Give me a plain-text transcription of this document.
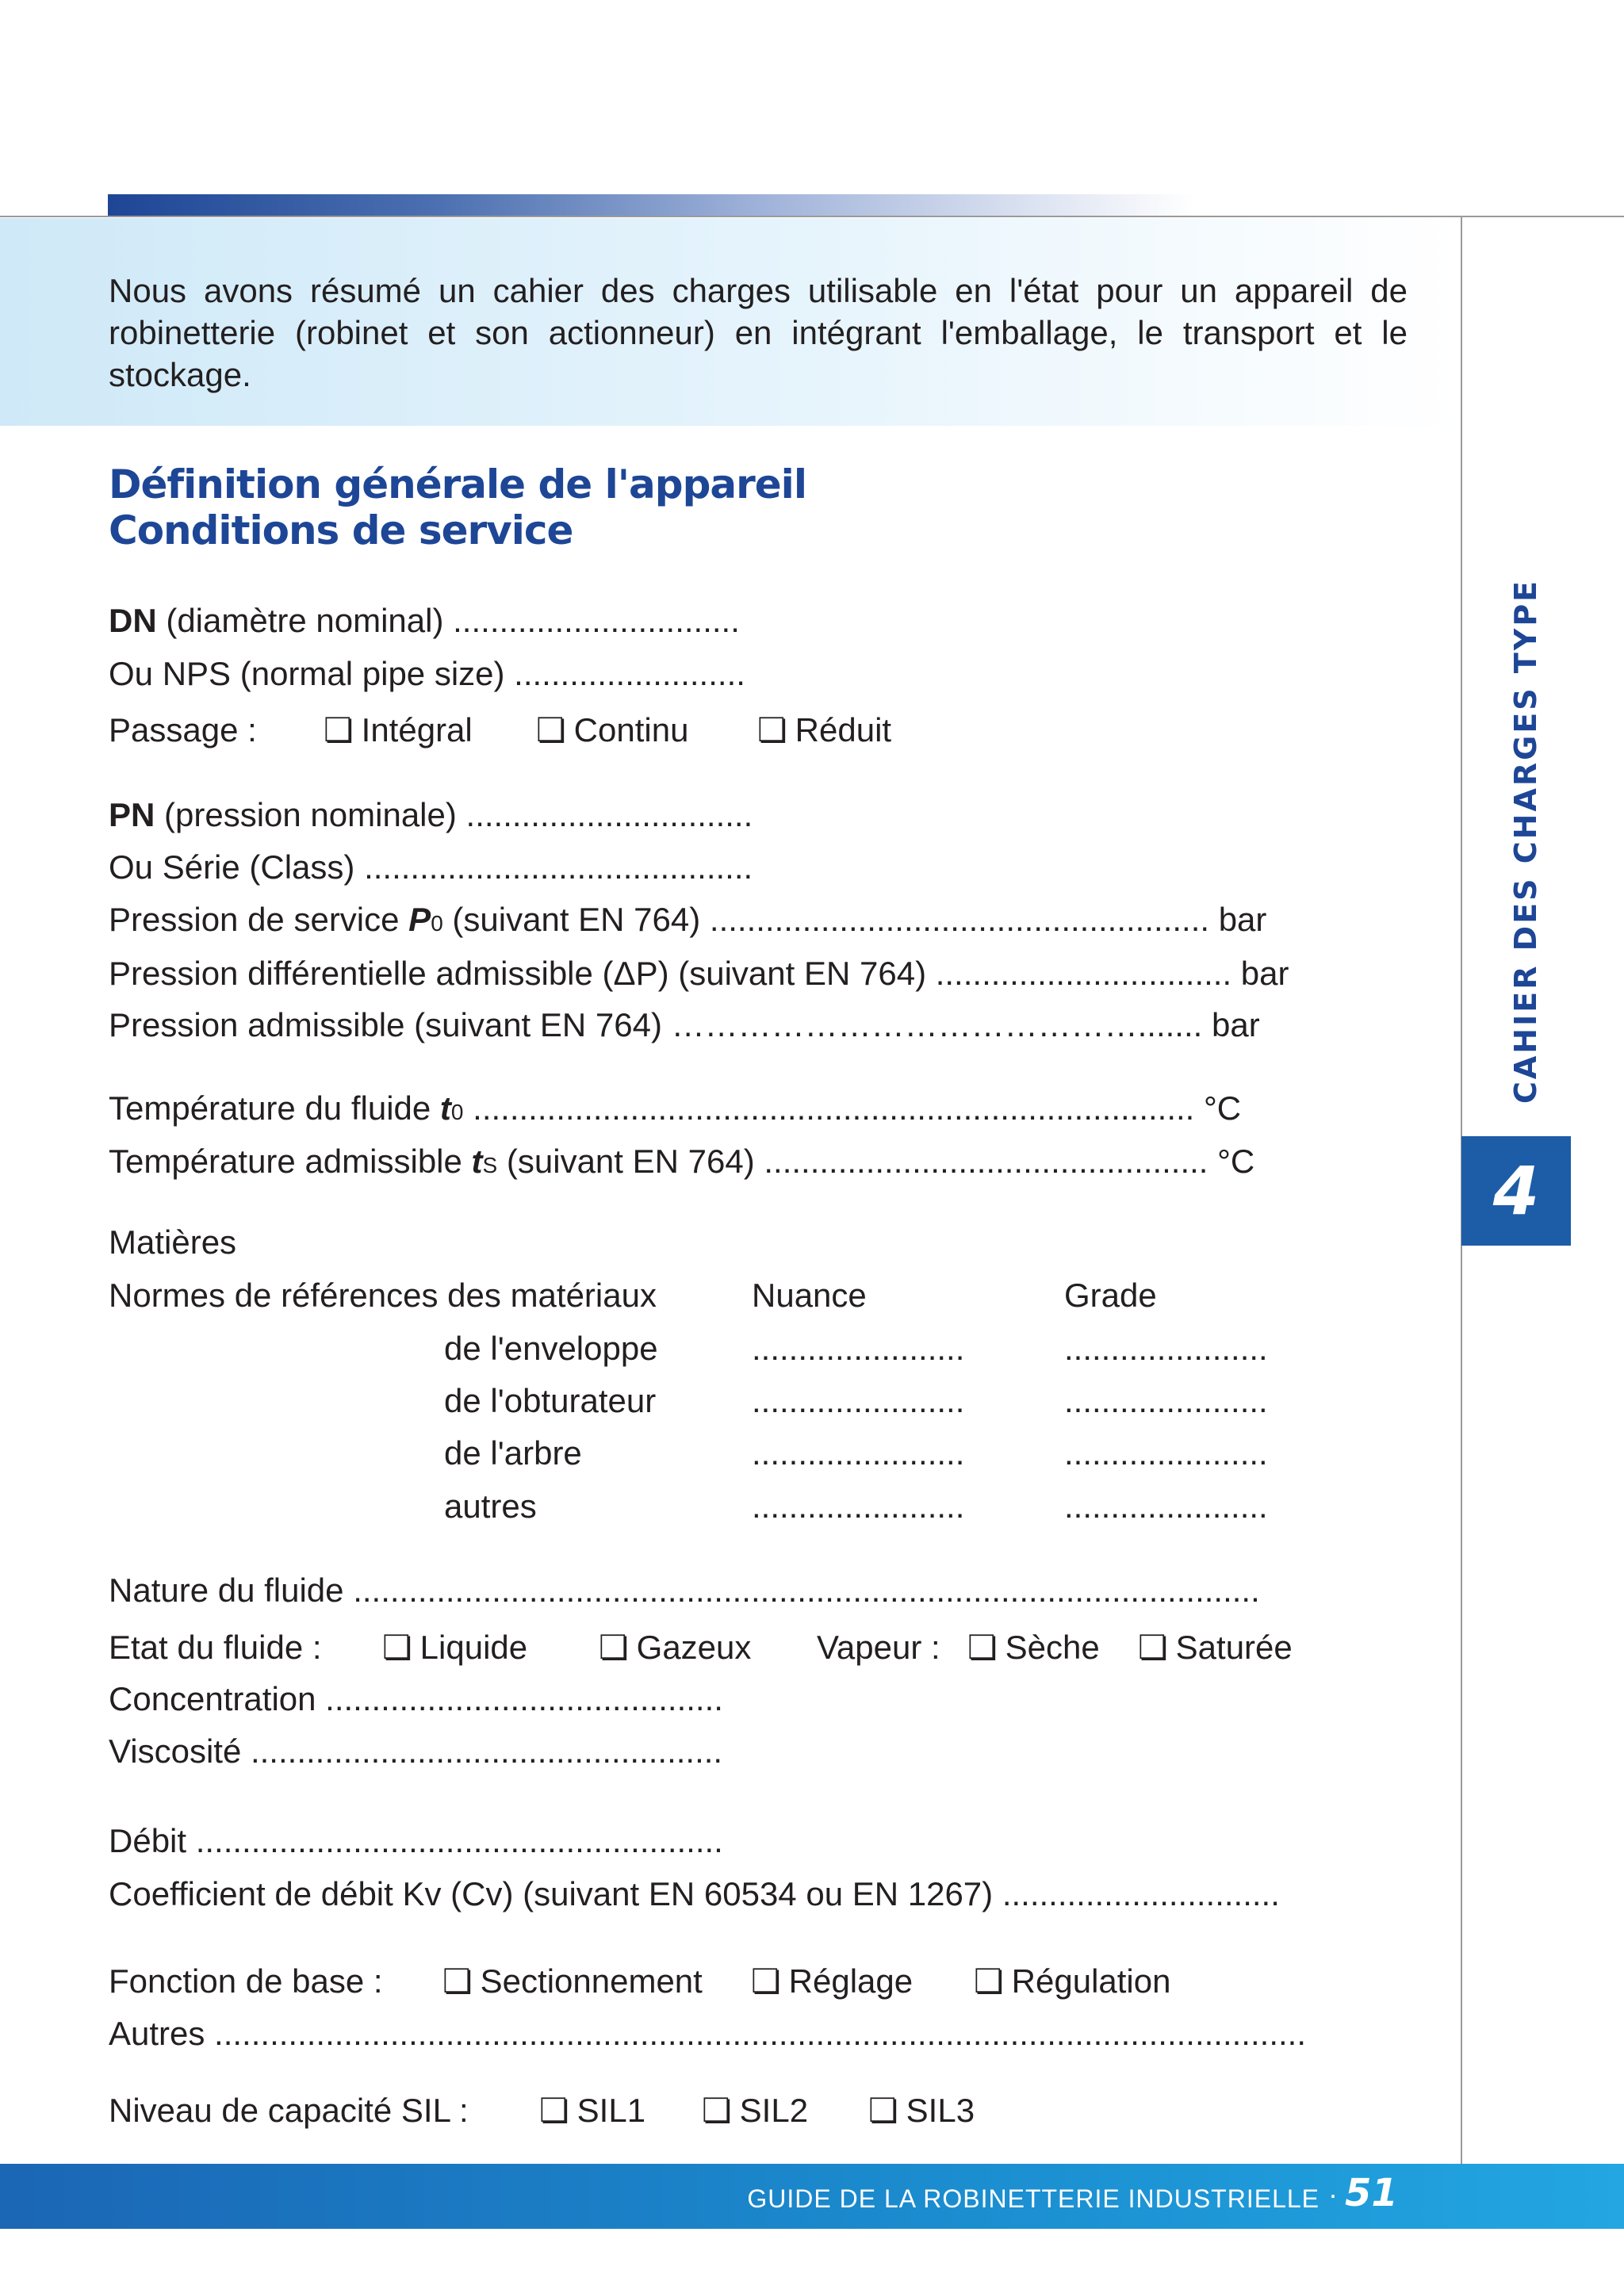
Nous avons résumé un cahier des charges utilisable en l'état pour un appareil de robinetterie (robinet et son actionneur) en intégrant l'emballage, le transport et le stockage.
CAHIER DES CHARGES TYPE
4
Définition générale de l'appareil
Conditions de service
DN (diamètre nominal) ...............................
Ou NPS (normal pipe size) .........................
Passage :	❏ Intégral	❏ Continu	❏ Réduit
PN (pression nominale) ...............................
Ou Série (Class) ..........................................
Pression de service P0 (suivant EN 764) ...................................................... bar
Pression différentielle admissible (ΔP) (suivant EN 764) ................................ bar
Pression admissible (suivant EN 764) ……………………………………....... bar
Température du fluide t0 .............................................................................. °C
Température admissible tS (suivant EN 764) ................................................ °C
Matières
Normes de références des matériaux	Nuance	Grade
de l'enveloppe	.......................	......................
de l'obturateur	.......................	......................
de l'arbre	.......................	......................
autres	.......................	......................
Nature du fluide ..................................................................................................
Etat du fluide :	❏ Liquide	❏ Gazeux Vapeur :	❏ Sèche	❏ Saturée
Concentration ...........................................
Viscosité ...................................................
Débit .........................................................
Coefficient de débit Kv (Cv) (suivant EN 60534 ou EN 1267) ..............................
Fonction de base :	❏ Sectionnement	❏ Réglage	❏ Régulation
Autres ......................................................................................................................
Niveau de capacité SIL :	❏ SIL1	❏ SIL2	❏ SIL3
GUIDE DE LA ROBINETTERIE INDUSTRIELLE · 51
